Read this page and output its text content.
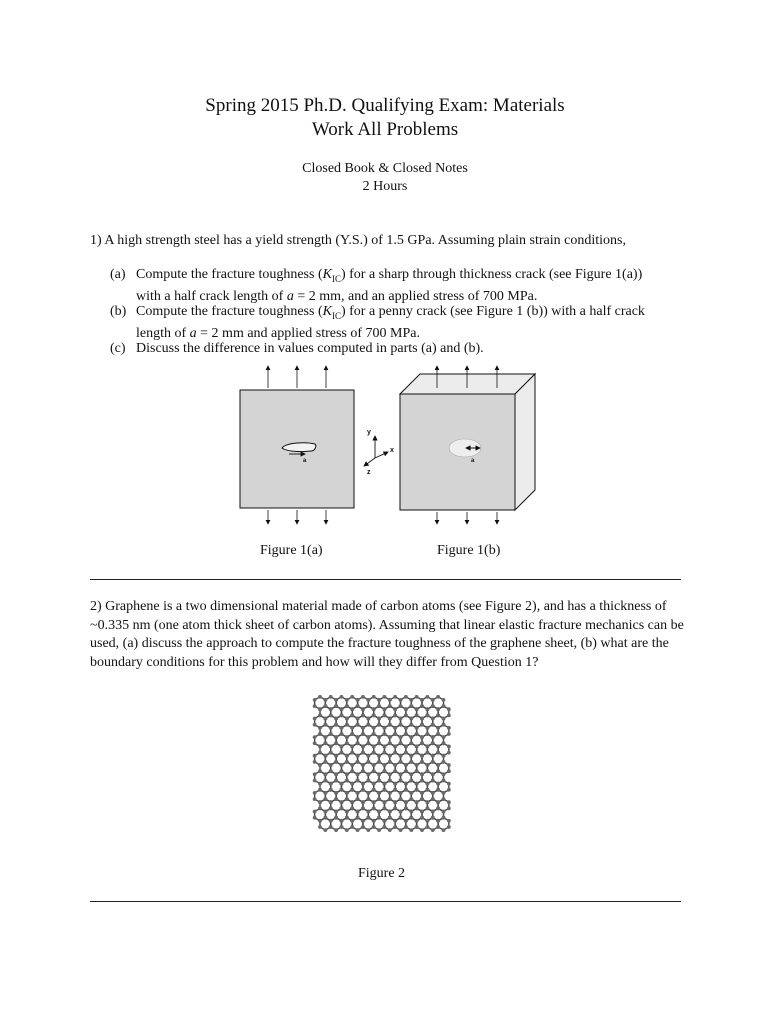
Spring 2015 Ph.D. Qualifying Exam: Materials
Work All Problems
Closed Book & Closed Notes
2 Hours
1) A high strength steel has a yield strength (Y.S.) of 1.5 GPa. Assuming plain strain conditions,
(a) Compute the fracture toughness $(K_{IC})$ for a sharp through thickness crack (see Figure 1(a)) with a half crack length of a = 2 mm, and an applied stress of 700 MPa.
(b) Compute the fracture toughness $(K_{IC})$ for a penny crack (see Figure 1 (b)) with a half crack length of a = 2 mm and applied stress of 700 MPa.
(c) Discuss the difference in values computed in parts (a) and (b).
a
y
x
z
a
Figure 1(a)	Figure 1(b)
2) Graphene is a two dimensional material made of carbon atoms (see Figure 2), and has a thickness of ~0.335 nm (one atom thick sheet of carbon atoms). Assuming that linear elastic fracture mechanics can be used, (a) discuss the approach to compute the fracture toughness of the graphene sheet, (b) what are the boundary conditions for this problem and how will they differ from Question 1?
Figure 2
